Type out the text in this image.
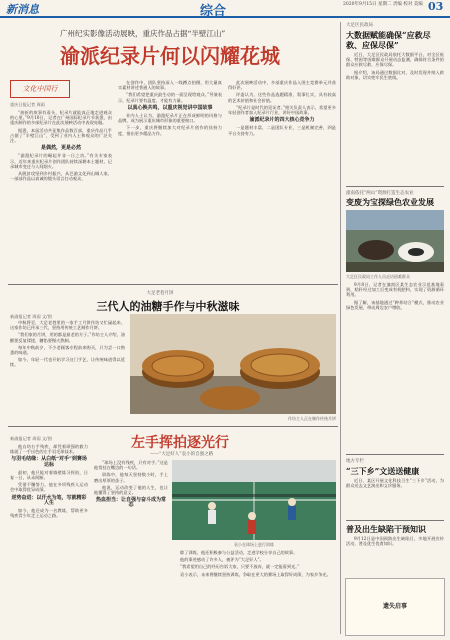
新消息	综合	2020年9月15日 星期二 责编 校对 美编 03
广州纪实影像活动展映，重庆作品占据“半壁江山”
渝派纪录片何以闪耀花城
文化中国行
重庆日报记者 周雨

“曲折的故事有看头，纪录片就能真正地走进观众的心里。”9月10日，记者在广州国际纪录片节获悉，由重庆制作的多部纪录片在此次展映活动中表现亮眼。

据悉，本届活动共征集作品数百部，重庆作品几乎占据了“半壁江山”，受到了业内人士和观众的广泛关注。

是偶然，更是必然

“渝派纪录片的崛起并非一日之功。”有关专家表示，近年来重庆纪录片创作团队持续深耕本土题材，记录城市变迁与人间烟火。

从脱贫攻坚到乡村振兴，从巴渝文化到山城人家，一部部作品以真诚的镜头语言打动观众。

在创作中，团队坚持深入一线蹲点拍摄，用大量真实素材讲述普通人的故事。

“我们希望把重庆最生动的一面呈现给观众。”导演表示，纪录片要有温度，才能有力量。

以真心换共鸣，以重庆视觉讲中国故事

业内人士认为，渝派纪录片正在形成鲜明的风格与品牌，成为展示重庆城市形象的重要窗口。

下一步，重庆将继续加大对纪录片创作的扶持力度，推出更多精品力作。

此次展映活动中，多部重庆作品入围主竞赛单元并获得好评。

评委认为，这些作品选题精准、叙事扎实，具有较高的艺术价值和社会价值。

“纪录片是时代的见证者。”相关负责人表示，希望更多年轻创作者加入纪录片行业，讲好中国故事。

渝派纪录片的四大核心竞争力

一是题材丰富，二是团队专业，三是机制完善，四是平台支持有力。

大足老巷月饼
三代人的油糖手作与中秋滋味
新渝报记者 周雨 文/图

中秋将至，大足老巷里的一家手工月饼作坊又忙碌起来。这家作坊已传承三代，坚持用传统工艺制作月饼。

“我们家的月饼，用的都是最老的方子。”作坊主人介绍，油酥要反复揉搓，糖馅要慢火熬制。

每年中秋前夕，不少老顾客专程前来购买，只为尝一口熟悉的味道。

如今，年轻一代也开始学习这门手艺，让传统味道得以延续。

作坊主人正在制作传统月饼
左手挥拍逐光行
——“大足好人”袁小的自强之路
新渝报记者 周雨 文/图

他自幼右手残疾，却凭着顽强的毅力练就了一手出色的左手羽毛球技术。

与羽毛结缘：从白纸“对手”到赛场达标

最初，他只能对着墙壁练习挥拍，日复一日，从未间断。

凭借不懈努力，他在多项残疾人运动会中取得优异成绩。

逆势奋进：以汗水为笔，写就精彩人生

如今，他还成为一名教练，帮助更多残疾青少年走上运动之路。

“球场上没有残疾，只有对手。”这是他常挂在嘴边的一句话。

训练中，他每天坚持数小时，手上磨出厚厚的茧子。

他说，运动改变了他的人生，也让他懂得了坚持的意义。

热血担当：让自强与奋斗成为常态
袁小在球场上进行训练

除了训练，他还积极参与公益活动，走进学校分享自己的故事。

他的事迹感动了许多人，被评为“大足好人”。

“我希望用自己的经历告诉大家，只要不放弃，就一定能看到光。”

袁小表示，未来将继续坚持训练，争取在更大的赛场上取得好成绩，为家乡争光。

大足区民政局
大数据赋能确保“应救尽救、应保尽保”

近日，大足区民政局依托大数据平台，对全区低保、特困等困难群众开展动态监测，确保符合条件的群众应救尽救、应保尽保。

据介绍，该局通过数据比对，及时发现并纳入救助对象，切实兜牢民生底线。

潼南依托“两山”资源打造生态农业
变废为宝探绿色农业发展
大足区民政局工作人员走访困难群众

9月8日，记者在潼南区某生态农业示范基地看到，秸秆经过加工后变成有机肥料，实现了资源循环利用。

据了解，该基地通过“种养结合”模式，推动农业绿色发展，带动周边农户增收。

地方专栏
“三下乡”文送送健康

近日，某区开展文化科技卫生“三下乡”活动，为群众送去文艺演出和义诊服务。

普及出生缺陷干预知识

9月12日是中国预防出生缺陷日，多地开展宣传活动，普及优生优育知识。

遗失启事
